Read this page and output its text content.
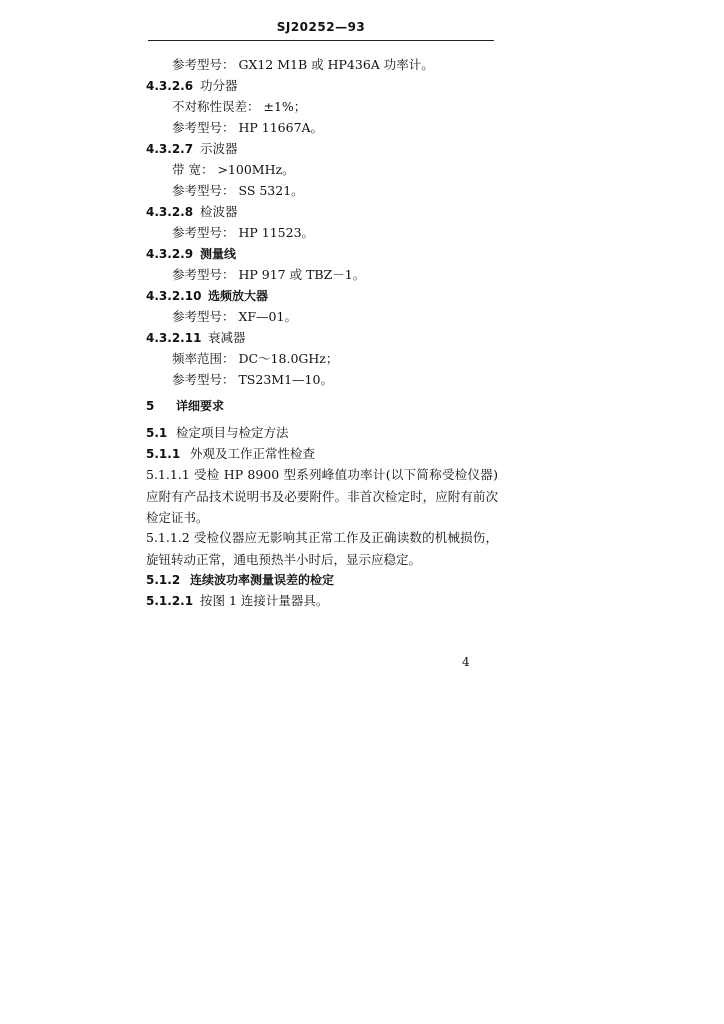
SJ20252—93
参考型号： GX12 M1B 或 HP436A 功率计。
4.3.2.6 功分器
不对称性误差： ±1%；
参考型号： HP 11667A。
4.3.2.7 示波器
带 宽： >100MHz。
参考型号： SS 5321。
4.3.2.8 检波器
参考型号： HP 11523。
4.3.2.9 测量线
参考型号： HP 917 或 TBZ－1。
4.3.2.10 选频放大器
参考型号： XF—01。
4.3.2.11 衰减器
频率范围： DC～18.0GHz；
参考型号： TS23M1—10。
5 详细要求
5.1 检定项目与检定方法
5.1.1 外观及工作正常性检查
5.1.1.1 受检 HP 8900 型系列峰值功率计(以下简称受检仪器)应附有产品技术说明书及必要附件。非首次检定时，应附有前次检定证书。
5.1.1.2 受检仪器应无影响其正常工作及正确读数的机械损伤，旋钮转动正常，通电预热半小时后，显示应稳定。
5.1.2 连续波功率测量误差的检定
5.1.2.1 按图 1 连接计量器具。
4
